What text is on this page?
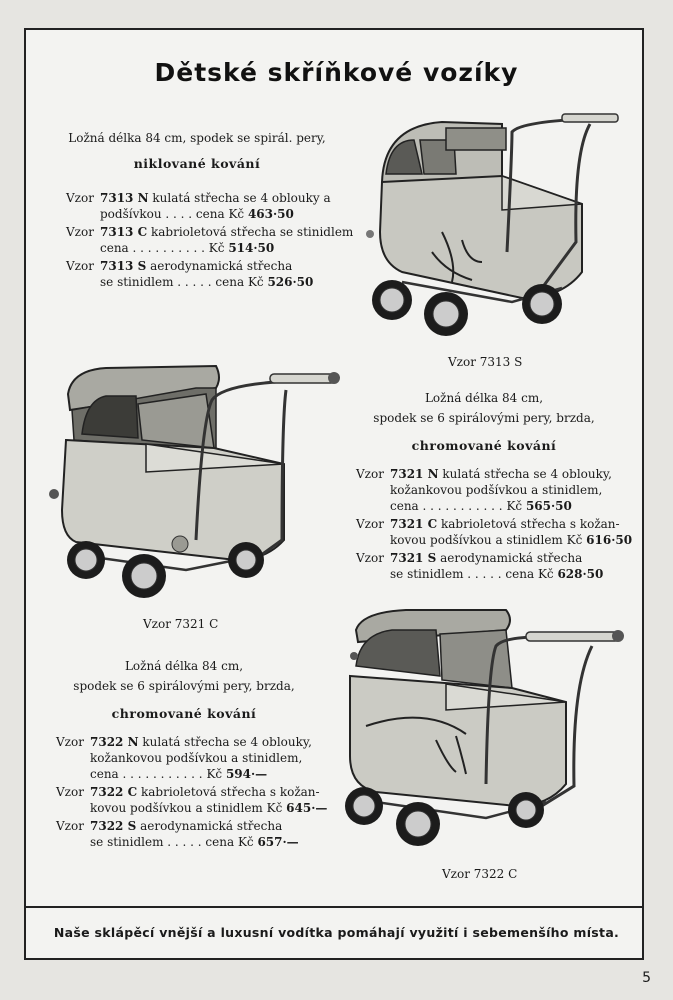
Dětské skříňkové vozíky
Ložná délka 84 cm, spodek se spirál. pery,
niklované kování
Vzor 7313 N
kulatá střecha se 4 oblouky a
podšívkou . . . . cena Kč
463·50
Vzor 7313 C
kabrioletová střecha se stinidlem
cena . . . . . . . . . . Kč
514·50
Vzor 7313 S
aerodynamická střecha
se stinidlem . . . . . cena Kč
526·50
Vzor 7313 S
Vzor 7321 C
Ložná délka 84 cm,
spodek se 6 spirálovými pery, brzda,
chromované kování
Vzor 7321 N
kulatá střecha se 4 oblouky,
kožankovou podšívkou a stinidlem,
cena . . . . . . . . . . . Kč
565·50
Vzor 7321 C
kabrioletová střecha s kožan-
kovou podšívkou a stinidlem Kč
616·50
Vzor 7321 S
aerodynamická střecha
se stinidlem . . . . . cena Kč
628·50
Ložná délka 84 cm,
spodek se 6 spirálovými pery, brzda,
chromované kování
Vzor 7322 N
kulatá střecha se 4 oblouky,
kožankovou podšívkou a stinidlem,
cena . . . . . . . . . . . Kč
594·—
Vzor 7322 C
kabrioletová střecha s kožan-
kovou podšívkou a stinidlem Kč
645·—
Vzor 7322 S
aerodynamická střecha
se stinidlem . . . . . cena Kč
657·—
Vzor 7322 C
Naše sklápěcí vnější a luxusní vodítka pomáhají využití i sebemenšího místa.
5
